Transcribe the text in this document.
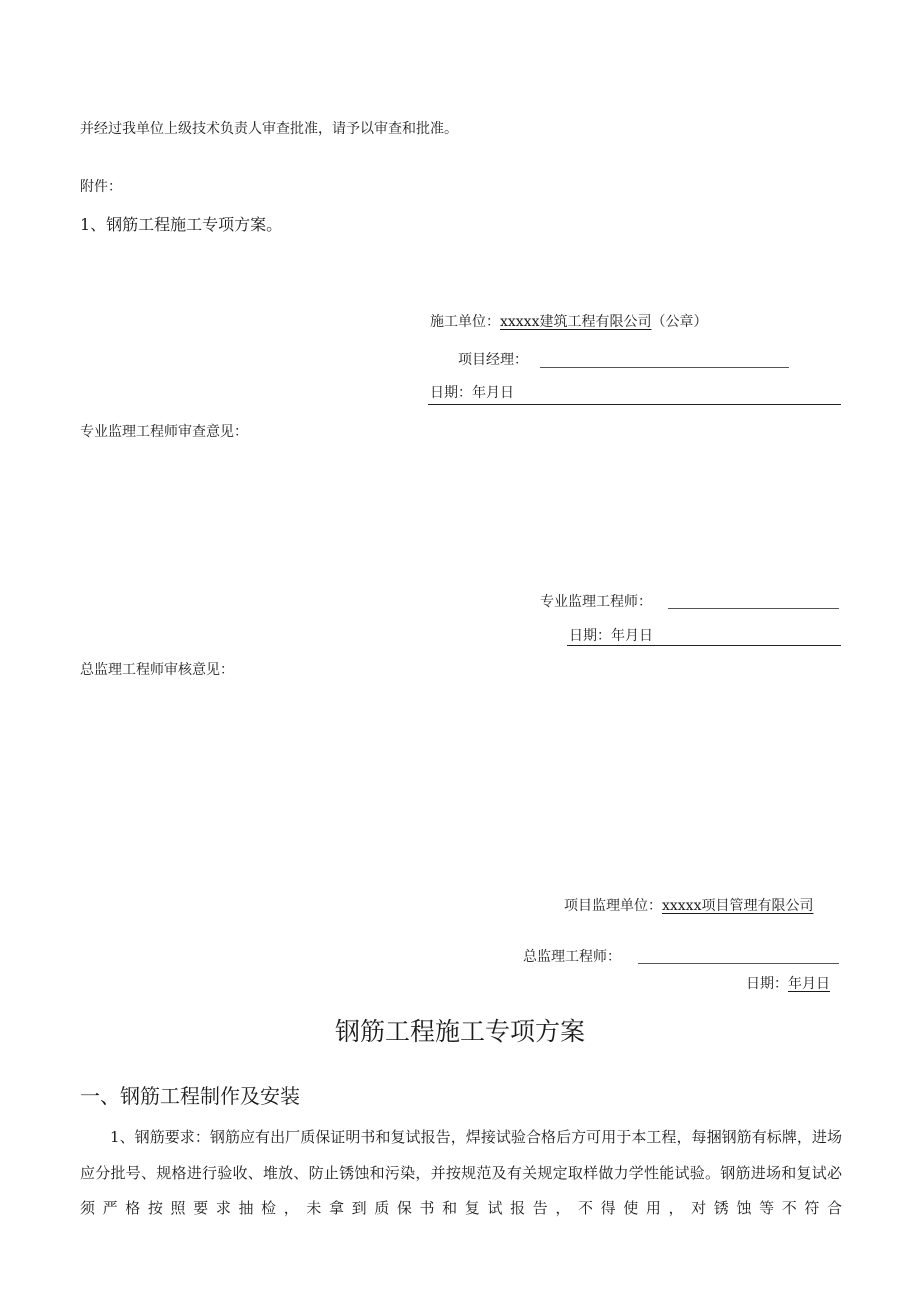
并经过我单位上级技术负责人审查批准，请予以审查和批准。
附件：
1、钢筋工程施工专项方案。
施工单位：xxxxx建筑工程有限公司（公章）
项目经理：
日期：年月日
专业监理工程师审查意见：
专业监理工程师：
日期：年月日
总监理工程师审核意见：
项目监理单位：xxxxx项目管理有限公司
总监理工程师：
日期：年月日
钢筋工程施工专项方案
一、钢筋工程制作及安装
1、钢筋要求：钢筋应有出厂质保证明书和复试报告，焊接试验合格后方可用于本工程，每捆钢筋有标牌，进场应分批号、规格进行验收、堆放、防止锈蚀和污染，并按规范及有关规定取样做力学性能试验。钢筋进场和复试必须严格按照要求抽检，未拿到质保书和复试报告，不得使用，对锈蚀等不符合
